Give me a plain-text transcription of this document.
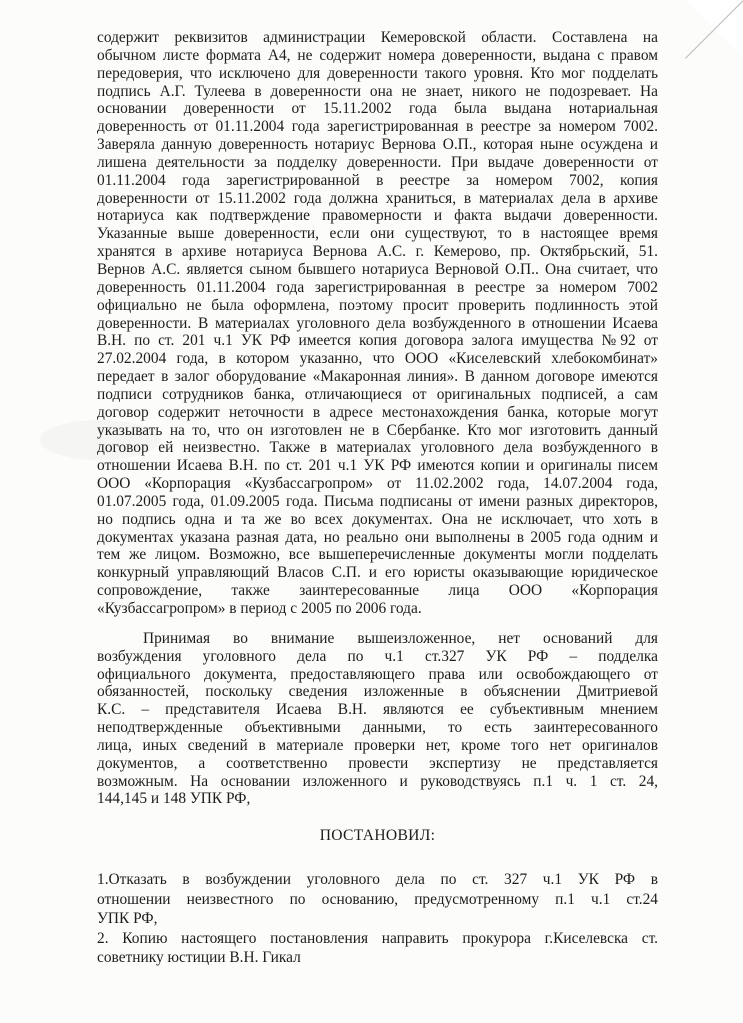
содержит реквизитов администрации Кемеровской области. Составлена на
обычном листе формата А4, не содержит номера доверенности, выдана с правом
передоверия, что исключено для доверенности такого уровня. Кто мог подделать
подпись А.Г. Тулеева в доверенности она не знает, никого не подозревает. На
основании доверенности от 15.11.2002 года была выдана нотариальная
доверенность от 01.11.2004 года зарегистрированная в реестре за номером 7002.
Заверяла данную доверенность нотариус Вернова О.П., которая ныне осуждена и
лишена деятельности за подделку доверенности. При выдаче доверенности от
01.11.2004 года зарегистрированной в реестре за номером 7002, копия
доверенности от 15.11.2002 года должна храниться, в материалах дела в архиве
нотариуса как подтверждение правомерности и факта выдачи доверенности.
Указанные выше доверенности, если они существуют, то в настоящее время
хранятся в архиве нотариуса Вернова А.С. г. Кемерово, пр. Октябрьский, 51.
Вернов А.С. является сыном бывшего нотариуса Верновой О.П.. Она считает, что
доверенность 01.11.2004 года зарегистрированная в реестре за номером 7002
официально не была оформлена, поэтому просит проверить подлинность этой
доверенности. В материалах уголовного дела возбужденного в отношении Исаева
В.Н. по ст. 201 ч.1 УК РФ имеется копия договора залога имущества №92 от
27.02.2004 года, в котором указанно, что ООО «Киселевский хлебокомбинат»
передает в залог оборудование «Макаронная линия». В данном договоре имеются
подписи сотрудников банка, отличающиеся от оригинальных подписей, а сам
договор содержит неточности в адресе местонахождения банка, которые могут
указывать на то, что он изготовлен не в Сбербанке. Кто мог изготовить данный
договор ей неизвестно. Также в материалах уголовного дела возбужденного в
отношении Исаева В.Н. по ст. 201 ч.1 УК РФ имеются копии и оригиналы писем
ООО «Корпорация «Кузбассагропром» от 11.02.2002 года, 14.07.2004 года,
01.07.2005 года, 01.09.2005 года. Письма подписаны от имени разных директоров,
но подпись одна и та же во всех документах. Она не исключает, что хоть в
документах указана разная дата, но реально они выполнены в 2005 года одним и
тем же лицом. Возможно, все вышеперечисленные документы могли подделать
конкурный управляющий Власов С.П. и его юристы оказывающие юридическое
сопровождение, также заинтересованные лица ООО «Корпорация
«Кузбассагропром» в период с 2005 по 2006 года.
Принимая во внимание вышеизложенное, нет оснований для
возбуждения уголовного дела по ч.1 ст.327 УК РФ – подделка
официального документа, предоставляющего права или освобождающего от
обязанностей, поскольку сведения изложенные в объяснении Дмитриевой
К.С. – представителя Исаева В.Н. являются ее субъективным мнением
неподтвержденные объективными данными, то есть заинтересованного
лица, иных сведений в материале проверки нет, кроме того нет оригиналов
документов, а соответственно провести экспертизу не представляется
возможным. На основании изложенного и руководствуясь п.1 ч. 1 ст. 24,
144,145 и 148 УПК РФ,
ПОСТАНОВИЛ:
1.Отказать в возбуждении уголовного дела по ст. 327 ч.1 УК РФ в
отношении неизвестного по основанию, предусмотренному п.1 ч.1 ст.24
УПК РФ,
2. Копию настоящего постановления направить прокурора г.Киселевска ст.
советнику юстиции В.Н. Гикал
